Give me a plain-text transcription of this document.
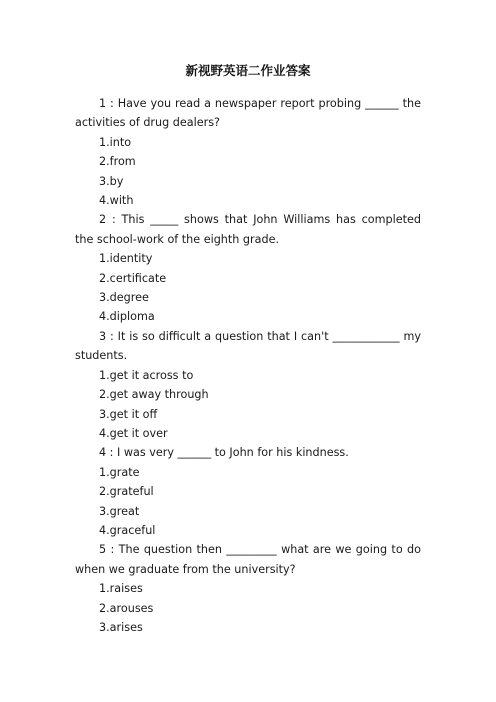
新视野英语二作业答案
1 : Have you read a newspaper report probing ______ the activities of drug dealers?
1.into
2.from
3.by
4.with
2 : This _____ shows that John Williams has completed the school-work of the eighth grade.
1.identity
2.certificate
3.degree
4.diploma
3 : It is so difficult a question that I can't ____________ my students.
1.get it across to
2.get away through
3.get it off
4.get it over
4 : I was very ______ to John for his kindness.
1.grate
2.grateful
3.great
4.graceful
5 : The question then _________ what are we going to do when we graduate from the university?
1.raises
2.arouses
3.arises
